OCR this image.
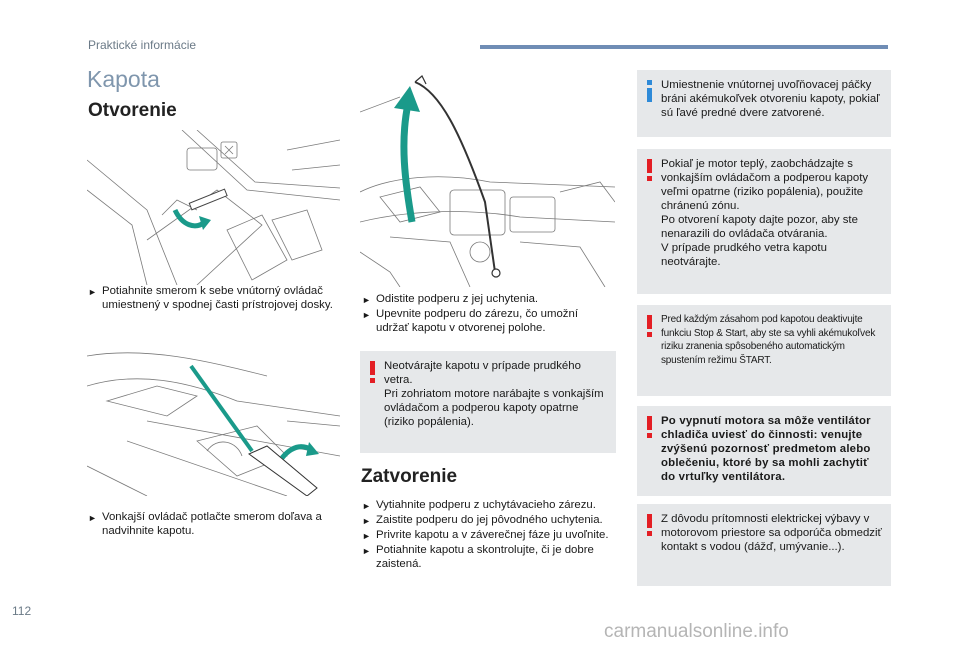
Praktické informácie
Kapota
Otvorenie
► Potiahnite smerom k sebe vnútorný ovládač umiestnený v spodnej časti prístrojovej dosky.
► Vonkajší ovládač potlačte smerom doľava a nadvihnite kapotu.
► Odistite podperu z jej uchytenia.
► Upevnite podperu do zárezu, čo umožní udržať kapotu v otvorenej polohe.
Neotvárajte kapotu v prípade prudkého vetra.
Pri zohriatom motore narábajte s vonkajším ovládačom a podperou kapoty opatrne (riziko popálenia).
Zatvorenie
► Vytiahnite podperu z uchytávacieho zárezu.
► Zaistite podperu do jej pôvodného uchytenia.
► Privrite kapotu a v záverečnej fáze ju uvoľnite.
► Potiahnite kapotu a skontrolujte, či je dobre zaistená.
Umiestnenie vnútornej uvoľňovacej páčky bráni akémukoľvek otvoreniu kapoty, pokiaľ sú ľavé predné dvere zatvorené.
Pokiaľ je motor teplý, zaobchádzajte s vonkajším ovládačom a podperou kapoty veľmi opatrne (riziko popálenia), použite chránenú zónu.
Po otvorení kapoty dajte pozor, aby ste nenarazili do ovládača otvárania.
V prípade prudkého vetra kapotu neotvárajte.
Pred každým zásahom pod kapotou deaktivujte funkciu Stop & Start, aby ste sa vyhli akémukoľvek riziku zranenia spôsobeného automatickým spustením režimu ŠTART.
Po vypnutí motora sa môže ventilátor chladiča uviesť do činnosti: venujte zvýšenú pozornosť predmetom alebo oblečeniu, ktoré by sa mohli zachytiť do vrtuľky ventilátora.
Z dôvodu prítomnosti elektrickej výbavy v motorovom priestore sa odporúča obmedziť kontakt s vodou (dážď, umývanie...).
112
carmanualsonline.info
